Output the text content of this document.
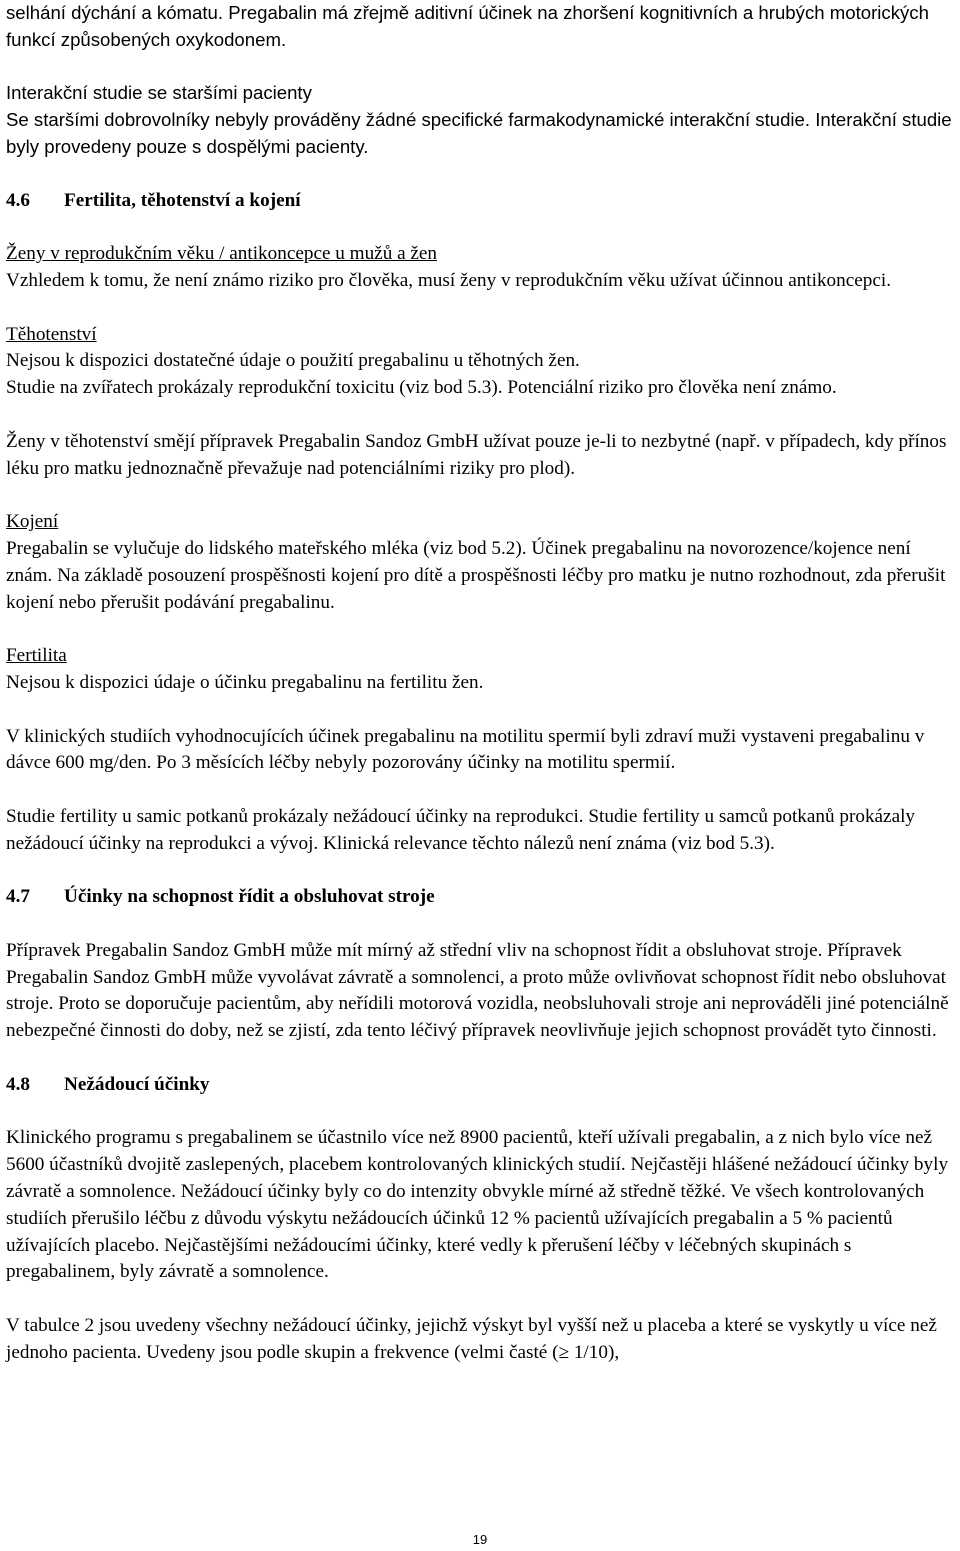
selhání dýchání a kómatu. Pregabalin má zřejmě aditivní účinek na zhoršení kognitivních a hrubých motorických funkcí způsobených oxykodonem.

Interakční studie se staršími pacienty

Se staršími dobrovolníky nebyly prováděny žádné specifické farmakodynamické interakční studie. Interakční studie byly provedeny pouze s dospělými pacienty.

4.6	Fertilita, těhotenství a kojení

Ženy v reprodukčním věku / antikoncepce u mužů a žen

Vzhledem k tomu, že není známo riziko pro člověka, musí ženy v reprodukčním věku užívat účinnou antikoncepci.

Těhotenství

Nejsou k dispozici dostatečné údaje o použití pregabalinu u těhotných žen.

Studie na zvířatech prokázaly reprodukční toxicitu (viz bod 5.3). Potenciální riziko pro člověka není známo.

Ženy v těhotenství smějí přípravek Pregabalin Sandoz GmbH užívat pouze je-li to nezbytné (např. v případech, kdy přínos léku pro matku jednoznačně převažuje nad potenciálními riziky pro plod).

Kojení

Pregabalin se vylučuje do lidského mateřského mléka (viz bod 5.2). Účinek pregabalinu na novorozence/kojence není znám. Na základě posouzení prospěšnosti kojení pro dítě a prospěšnosti léčby pro matku je nutno rozhodnout, zda přerušit kojení nebo přerušit podávání pregabalinu.

Fertilita

Nejsou k dispozici údaje o účinku pregabalinu na fertilitu žen.

V klinických studiích vyhodnocujících účinek pregabalinu na motilitu spermií byli zdraví muži vystaveni pregabalinu v dávce 600 mg/den. Po 3 měsících léčby nebyly pozorovány účinky na motilitu spermií.

Studie fertility u samic potkanů prokázaly nežádoucí účinky na reprodukci. Studie fertility u samců potkanů prokázaly nežádoucí účinky na reprodukci a vývoj. Klinická relevance těchto nálezů není známa (viz bod 5.3).

4.7	Účinky na schopnost řídit a obsluhovat stroje

Přípravek Pregabalin Sandoz GmbH může mít mírný až střední vliv na schopnost řídit a obsluhovat stroje. Přípravek Pregabalin Sandoz GmbH může vyvolávat závratě a somnolenci, a proto může ovlivňovat schopnost řídit nebo obsluhovat stroje. Proto se doporučuje pacientům, aby neřídili motorová vozidla, neobsluhovali stroje ani neprováděli jiné potenciálně nebezpečné činnosti do doby, než se zjistí, zda tento léčivý přípravek neovlivňuje jejich schopnost provádět tyto činnosti.

4.8	Nežádoucí účinky

Klinického programu s pregabalinem se účastnilo více než 8900 pacientů, kteří užívali pregabalin, a z nich bylo více než 5600 účastníků dvojitě zaslepených, placebem kontrolovaných klinických studií. Nejčastěji hlášené nežádoucí účinky byly závratě a somnolence. Nežádoucí účinky byly co do intenzity obvykle mírné až středně těžké. Ve všech kontrolovaných studiích přerušilo léčbu z důvodu výskytu nežádoucích účinků 12 % pacientů užívajících pregabalin a 5 % pacientů užívajících placebo. Nejčastějšími nežádoucími účinky, které vedly k přerušení léčby v léčebných skupinách s pregabalinem, byly závratě a somnolence.

V tabulce 2 jsou uvedeny všechny nežádoucí účinky, jejichž výskyt byl vyšší než u placeba a které se vyskytly u více než jednoho pacienta. Uvedeny jsou podle skupin a frekvence (velmi časté (≥ 1/10),

19
